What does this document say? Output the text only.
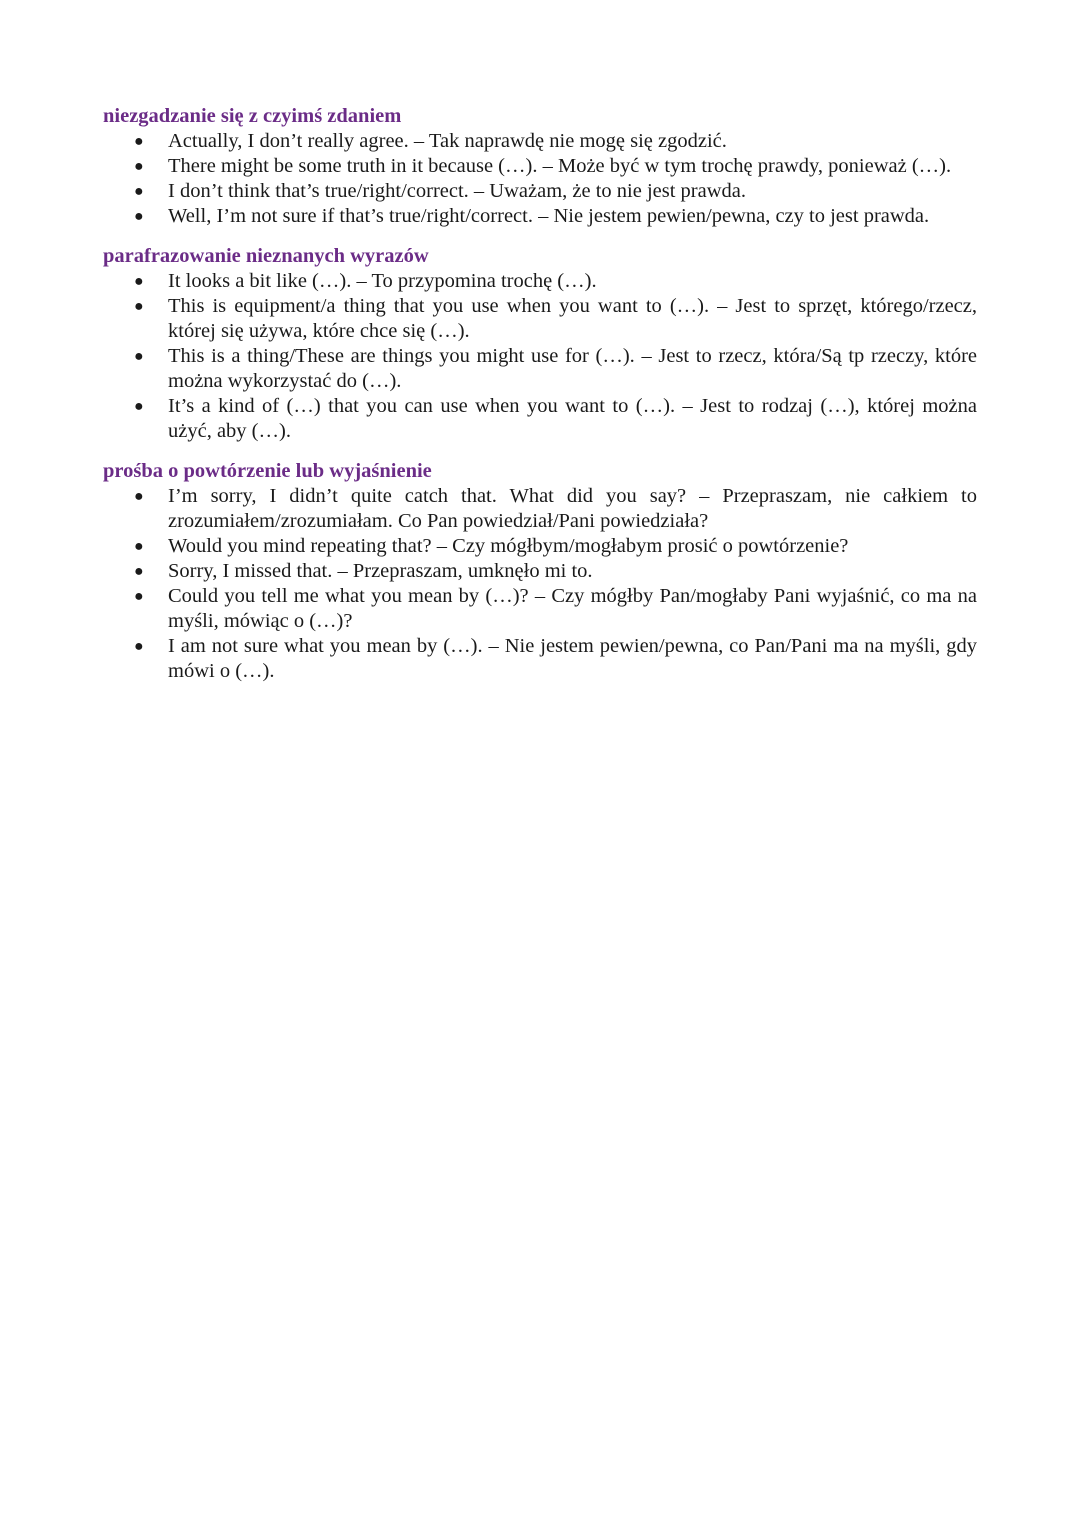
niezgadzanie się z czyimś zdaniem
● Actually, I don’t really agree. – Tak naprawdę nie mogę się zgodzić.
● There might be some truth in it because (…). – Może być w tym trochę prawdy, ponieważ (…).
● I don’t think that’s true/right/correct. – Uważam, że to nie jest prawda.
● Well, I’m not sure if that’s true/right/correct. – Nie jestem pewien/pewna, czy to jest prawda.
parafrazowanie nieznanych wyrazów
● It looks a bit like (…). – To przypomina trochę (…).
● This is equipment/a thing that you use when you want to (…). – Jest to sprzęt, którego/rzecz, której się używa, które chce się (…).
● This is a thing/These are things you might use for (…). – Jest to rzecz, która/Są tp rzeczy, które można wykorzystać do (…).
● It’s a kind of (…) that you can use when you want to (…). – Jest to rodzaj (…), której można użyć, aby (…).
prośba o powtórzenie lub wyjaśnienie
● I’m sorry, I didn’t quite catch that. What did you say? – Przepraszam, nie całkiem to zrozumiałem/zrozumiałam. Co Pan powiedział/Pani powiedziała?
● Would you mind repeating that? – Czy mógłbym/mogłabym prosić o powtórzenie?
● Sorry, I missed that. – Przepraszam, umknęło mi to.
● Could you tell me what you mean by (…)? – Czy mógłby Pan/mogłaby Pani wyjaśnić, co ma na myśli, mówiąc o (…)?
● I am not sure what you mean by (…). – Nie jestem pewien/pewna, co Pan/Pani ma na myśli, gdy mówi o (…).
